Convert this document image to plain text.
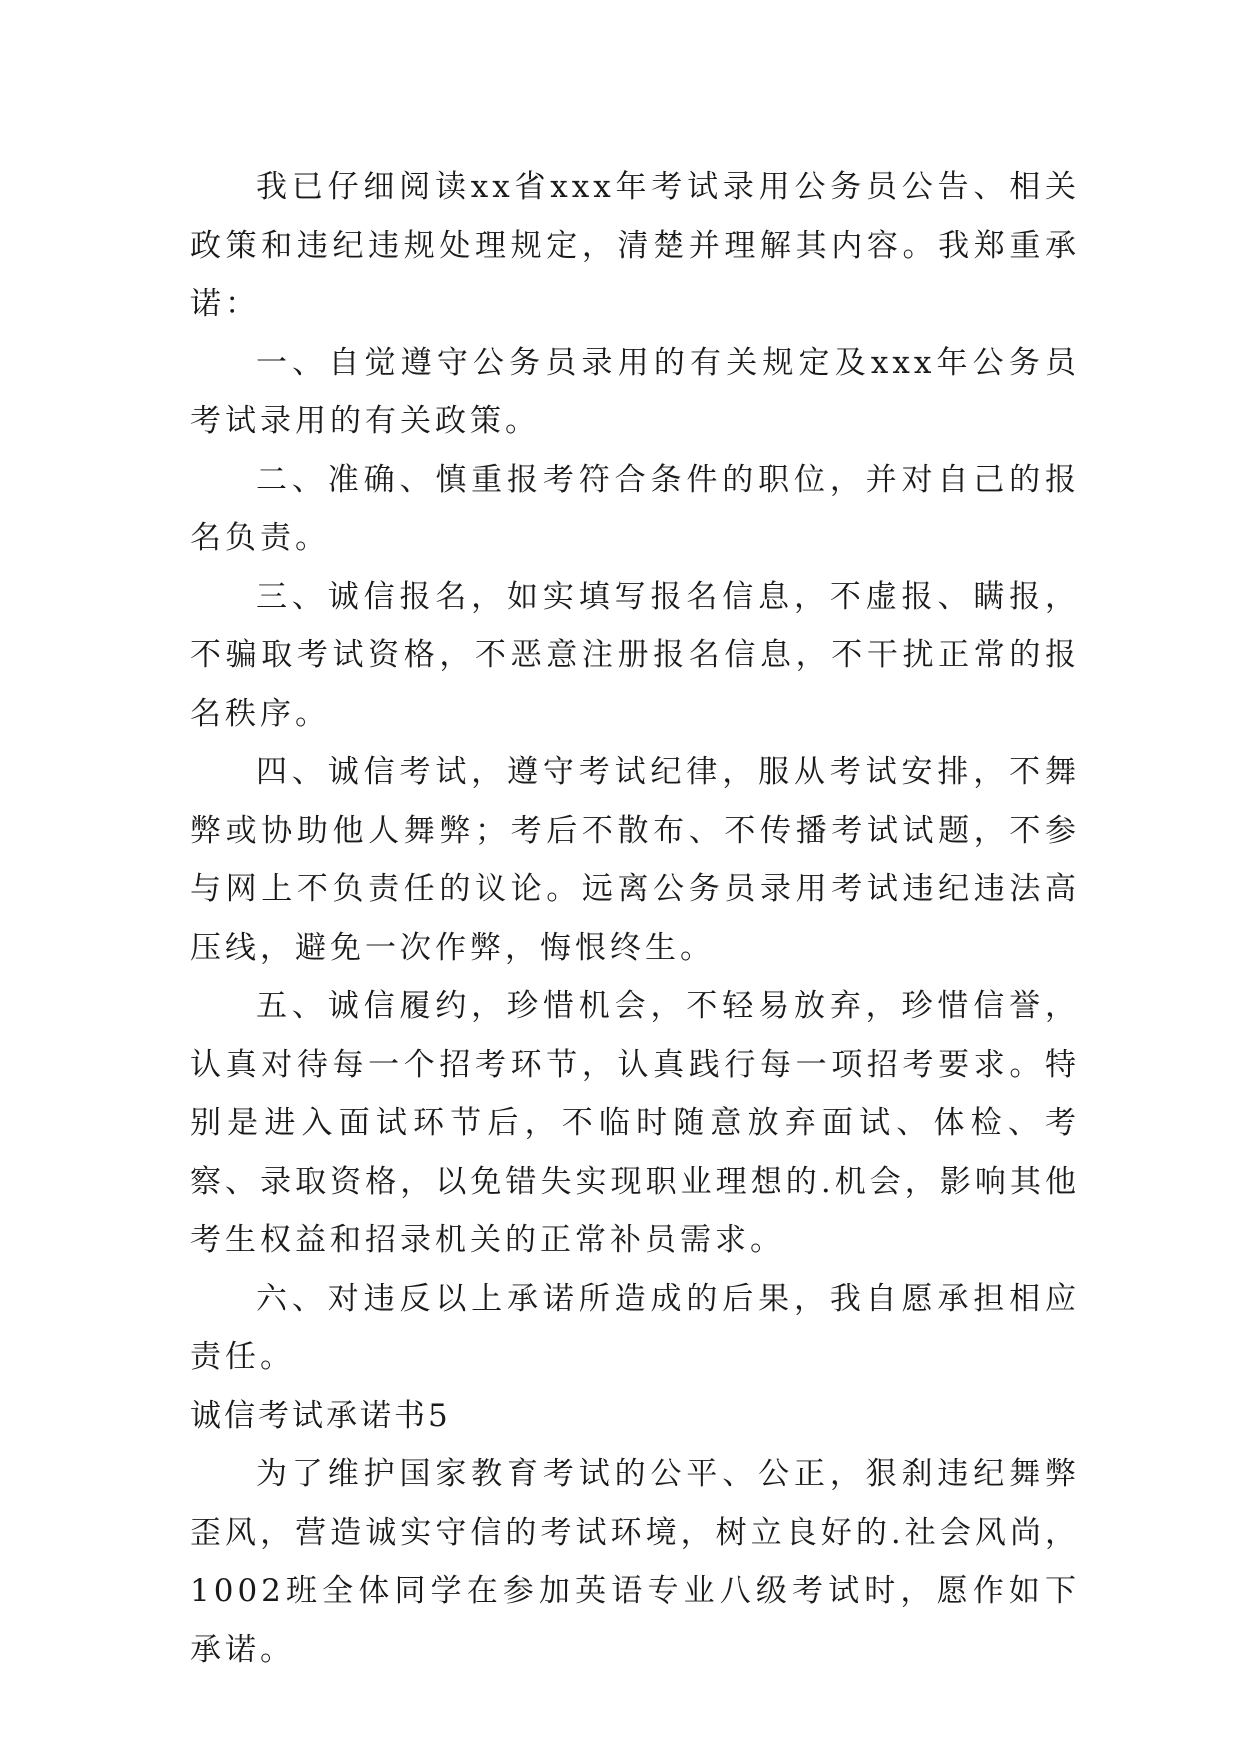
我已仔细阅读xx省xxx年考试录用公务员公告、相关政策和违纪违规处理规定，清楚并理解其内容。我郑重承诺：

一、自觉遵守公务员录用的有关规定及xxx年公务员考试录用的有关政策。

二、准确、慎重报考符合条件的职位，并对自己的报名负责。

三、诚信报名，如实填写报名信息，不虚报、瞒报，不骗取考试资格，不恶意注册报名信息，不干扰正常的报名秩序。

四、诚信考试，遵守考试纪律，服从考试安排，不舞弊或协助他人舞弊；考后不散布、不传播考试试题，不参与网上不负责任的议论。远离公务员录用考试违纪违法高压线，避免一次作弊，悔恨终生。

五、诚信履约，珍惜机会，不轻易放弃，珍惜信誉，认真对待每一个招考环节，认真践行每一项招考要求。特别是进入面试环节后，不临时随意放弃面试、体检、考察、录取资格，以免错失实现职业理想的.机会，影响其他考生权益和招录机关的正常补员需求。

六、对违反以上承诺所造成的后果，我自愿承担相应责任。

诚信考试承诺书5

为了维护国家教育考试的公平、公正，狠刹违纪舞弊歪风，营造诚实守信的考试环境，树立良好的.社会风尚，1002班全体同学在参加英语专业八级考试时，愿作如下承诺。
